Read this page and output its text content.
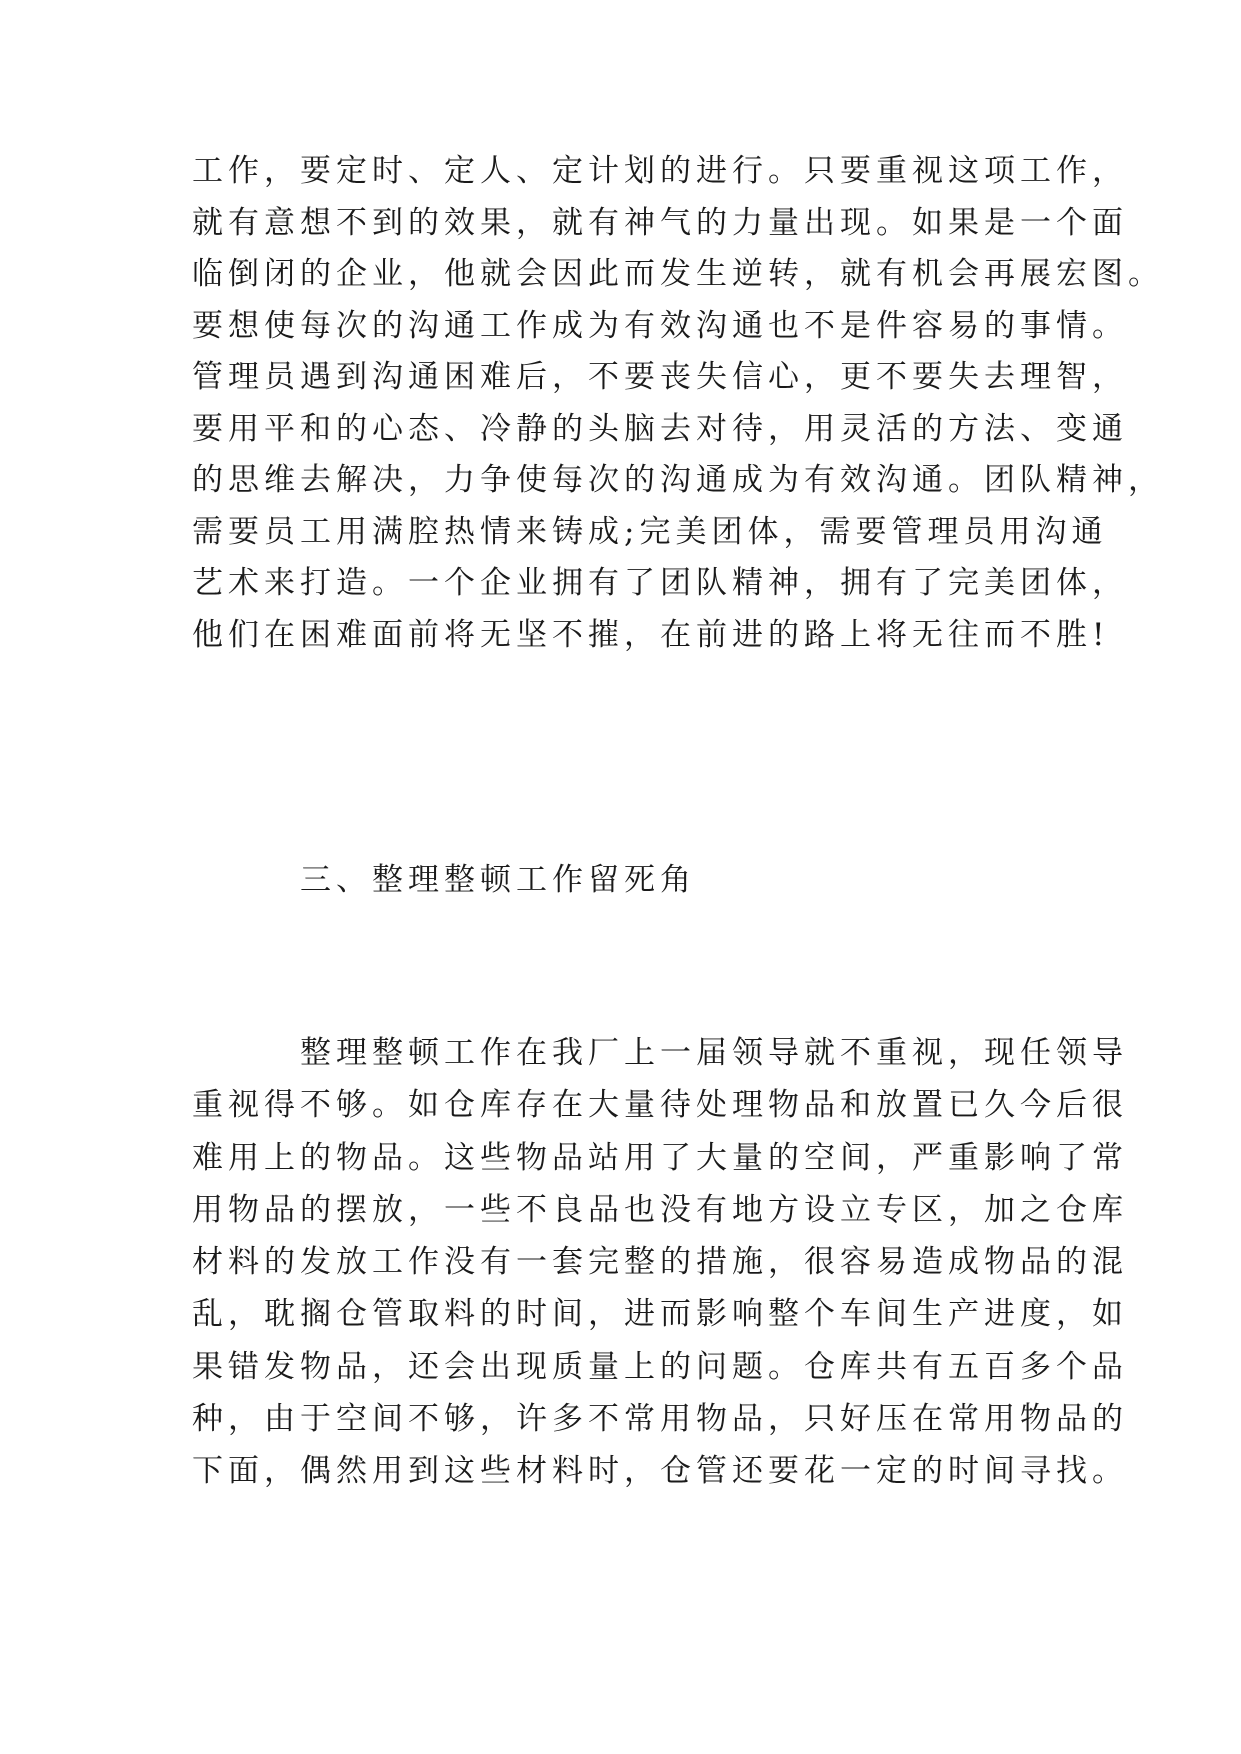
工作，要定时、定人、定计划的进行。只要重视这项工作，
就有意想不到的效果，就有神气的力量出现。如果是一个面
临倒闭的企业，他就会因此而发生逆转，就有机会再展宏图。
要想使每次的沟通工作成为有效沟通也不是件容易的事情。
管理员遇到沟通困难后，不要丧失信心，更不要失去理智，
要用平和的心态、冷静的头脑去对待，用灵活的方法、变通
的思维去解决，力争使每次的沟通成为有效沟通。团队精神，
需要员工用满腔热情来铸成;完美团体，需要管理员用沟通
艺术来打造。一个企业拥有了团队精神，拥有了完美团体，
他们在困难面前将无坚不摧，在前进的路上将无往而不胜!
三、整理整顿工作留死角
整理整顿工作在我厂上一届领导就不重视，现任领导
重视得不够。如仓库存在大量待处理物品和放置已久今后很
难用上的物品。这些物品站用了大量的空间，严重影响了常
用物品的摆放，一些不良品也没有地方设立专区，加之仓库
材料的发放工作没有一套完整的措施，很容易造成物品的混
乱，耽搁仓管取料的时间，进而影响整个车间生产进度，如
果错发物品，还会出现质量上的问题。仓库共有五百多个品
种，由于空间不够，许多不常用物品，只好压在常用物品的
下面，偶然用到这些材料时，仓管还要花一定的时间寻找。
